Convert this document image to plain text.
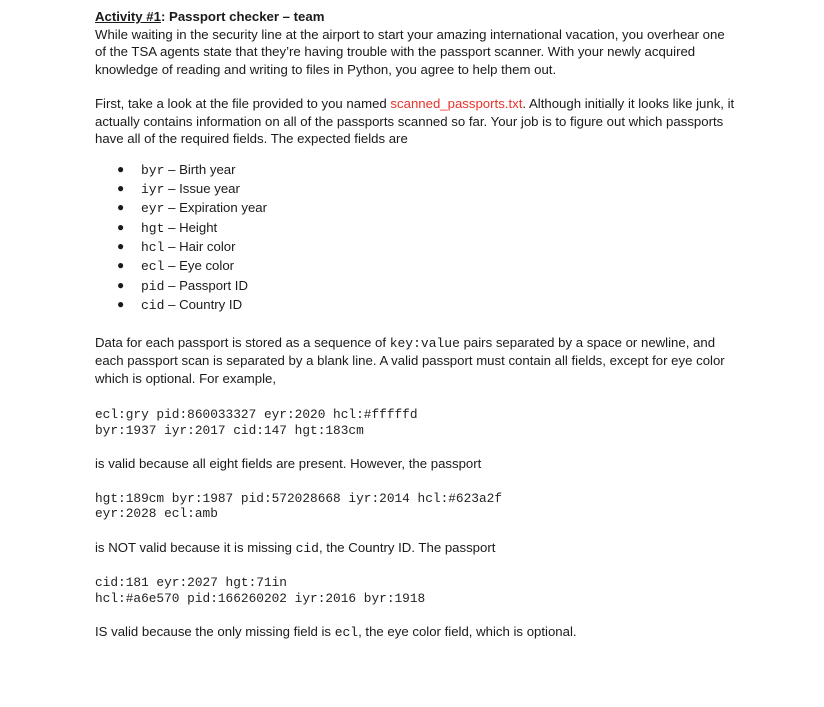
Activity #1: Passport checker – team

While waiting in the security line at the airport to start your amazing international vacation, you overhear one of the TSA agents state that they’re having trouble with the passport scanner. With your newly acquired knowledge of reading and writing to files in Python, you agree to help them out.

First, take a look at the file provided to you named scanned_passports.txt. Although initially it looks like junk, it actually contains information on all of the passports scanned so far. Your job is to figure out which passports have all of the required fields. The expected fields are

● byr – Birth year
● iyr – Issue year
● eyr – Expiration year
● hgt – Height
● hcl – Hair color
● ecl – Eye color
● pid – Passport ID
● cid – Country ID

Data for each passport is stored as a sequence of key:value pairs separated by a space or newline, and each passport scan is separated by a blank line. A valid passport must contain all fields, except for eye color which is optional. For example,

ecl:gry pid:860033327 eyr:2020 hcl:#fffffd

byr:1937 iyr:2017 cid:147 hgt:183cm

is valid because all eight fields are present. However, the passport

hgt:189cm byr:1987 pid:572028668 iyr:2014 hcl:#623a2f

eyr:2028 ecl:amb

is NOT valid because it is missing cid, the Country ID. The passport

cid:181 eyr:2027 hgt:71in

hcl:#a6e570 pid:166260202 iyr:2016 byr:1918

IS valid because the only missing field is ecl, the eye color field, which is optional.
